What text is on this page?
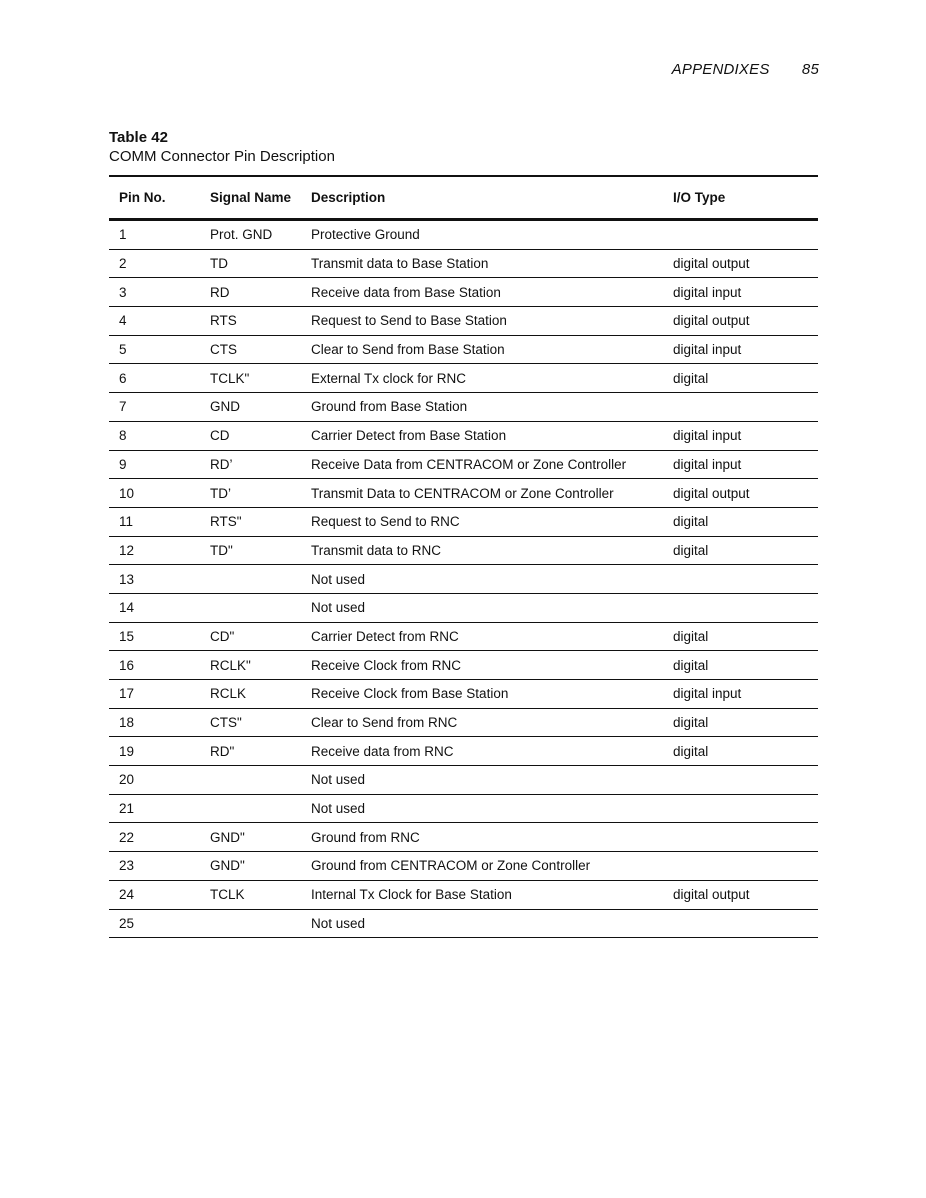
APPENDIXES 85
Table 42
COMM Connector Pin Description
Pin No.	Signal Name	Description	I/O Type
1	Prot. GND	Protective Ground	
2	TD	Transmit data to Base Station	digital output
3	RD	Receive data from Base Station	digital input
4	RTS	Request to Send to Base Station	digital output
5	CTS	Clear to Send from Base Station	digital input
6	TCLK"	External Tx clock for RNC	digital
7	GND	Ground from Base Station	
8	CD	Carrier Detect from Base Station	digital input
9	RD’	Receive Data from CENTRACOM or Zone Controller	digital input
10	TD’	Transmit Data to CENTRACOM or Zone Controller	digital output
11	RTS"	Request to Send to RNC	digital
12	TD"	Transmit data to RNC	digital
13		Not used	
14		Not used	
15	CD"	Carrier Detect from RNC	digital
16	RCLK"	Receive Clock from RNC	digital
17	RCLK	Receive Clock from Base Station	digital input
18	CTS"	Clear to Send from RNC	digital
19	RD"	Receive data from RNC	digital
20		Not used	
21		Not used	
22	GND"	Ground from RNC	
23	GND"	Ground from CENTRACOM or Zone Controller	
24	TCLK	Internal Tx Clock for Base Station	digital output
25		Not used	
